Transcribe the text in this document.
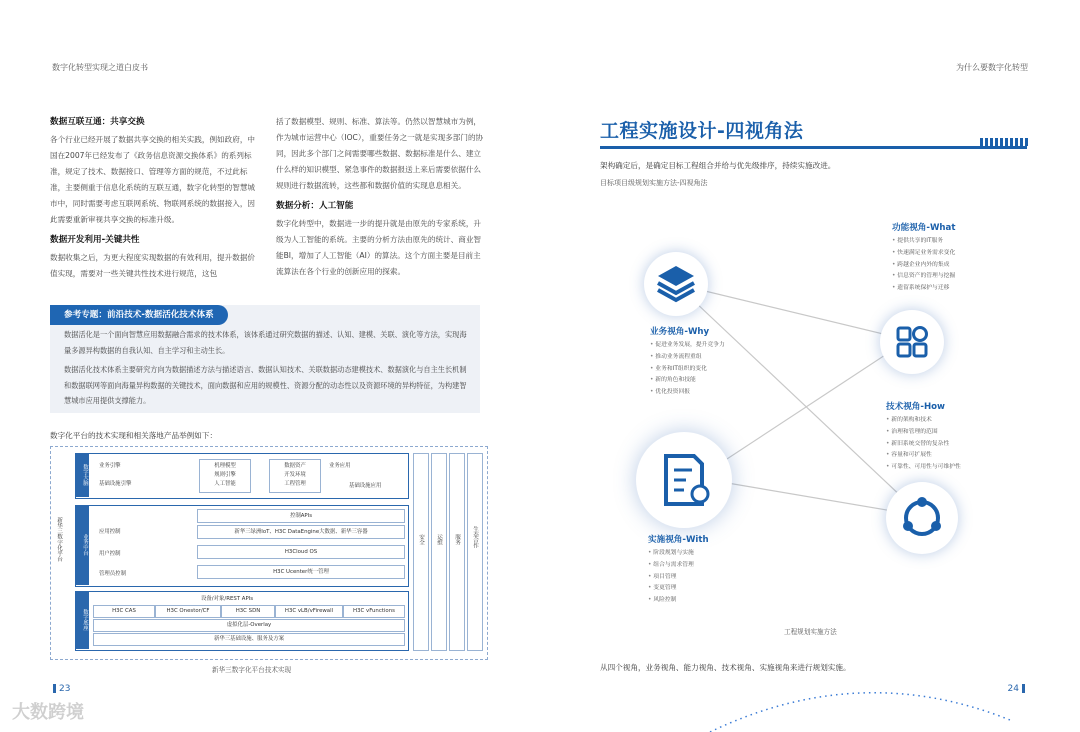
数字化转型实现之道白皮书
数据互联互通：共享交换

各个行业已经开展了数据共享交换的相关实践，例如政府，中国在2007年已经发布了《政务信息资源交换体系》的系列标准，规定了技术、数据接口、管理等方面的规范，不过此标准，主要侧重于信息化系统的互联互通，数字化转型的智慧城市中，同时需要考虑互联网系统、物联网系统的数据接入，因此需要重新审视共享交换的标准升级。

数据开发利用-关键共性

数据收集之后，为更大程度实现数据的有效利用，提升数据价值实现，需要对一些关键共性技术进行规范，这包

括了数据模型、规则、标准、算法等。仍然以智慧城市为例，作为城市运营中心（IOC），重要任务之一就是实现多部门的协同，因此多个部门之间需要哪些数据、数据标准是什么、建立什么样的知识模型、紧急事件的数据报送上来后需要依据什么规则进行数据流转，这些都和数据价值的实现息息相关。

数据分析：人工智能

数字化转型中，数据进一步的提升就是由原先的专家系统，升级为人工智能的系统。主要的分析方法由原先的统计、商业智能BI，增加了人工智能（AI）的算法。这个方面主要是目前主流算法在各个行业的创新应用的探索。

参考专题：前沿技术-数据活化技术体系

数据活化是一个面向智慧应用数据融合需求的技术体系，该体系通过研究数据的描述、认知、建模、关联、演化等方法，实现海量多源异构数据的自我认知、自主学习和主动生长。

数据活化技术体系主要研究方向为数据描述方法与描述语言、数据认知技术、关联数据动态建模技术、数据演化与自主生长机制和数据联网等面向海量异构数据的关键技术，面向数据和应用的规模性、资源分配的动态性以及资源环境的异构特征，为构建智慧城市应用提供支撑能力。

数字化平台的技术实现和相关落地产品举例如下：
新华三数字化平台
数字大脑 业务引擎
基础设施引擎
机理模型
规则引擎
人工智能
数据资产
开发环境
工程管理
业务应用
基础设施应用
业务中台
控制APIs
应用控制	新华三绿洲IoT、H3C DataEngine大数据、新华三容器
用户控制	H3Cloud OS
管理员控制	H3C Ucenter统一管理
数字底座
设备/对象/REST APIs
H3C CAS	H3C Onestor/CF	H3C SDN	H3C vLB/vFirewall	H3C vFunctions
虚拟化层-Overlay
新华三基础设施、服务及方案
安全 运维 服务 生态合作
新华三数字化平台技术实现
23
为什么要数字化转型
工程实施设计-四视角法
架构确定后，是确定目标工程组合并给与优先级排序，持续实施改进。
目标项目级规划实施方法-四视角法
功能视角-What
• 提供共享的IT服务
• 快速满足业务需求变化
• 跨越企业内外的集成
• 信息资产的管理与挖掘
• 遗留系统保护与迁移
业务视角-Why
• 促进业务发展，提升竞争力
• 推动业务流程重组
• 业务和IT组织的变化
• 新的角色和技能
• 优化投资回报
技术视角-How
• 新的架构和技术
• 治理和管理的范围
• 新旧系统交替的复杂性
• 容量和可扩展性
• 可靠性、可用性与可维护性
实施视角-With
• 阶段规划与实施
• 组合与需求管理
• 项目管理
• 变更管理
• 风险控制
工程规划实施方法
从四个视角，业务视角、能力视角、技术视角、实施视角来进行规划实施。
24
大数跨境
